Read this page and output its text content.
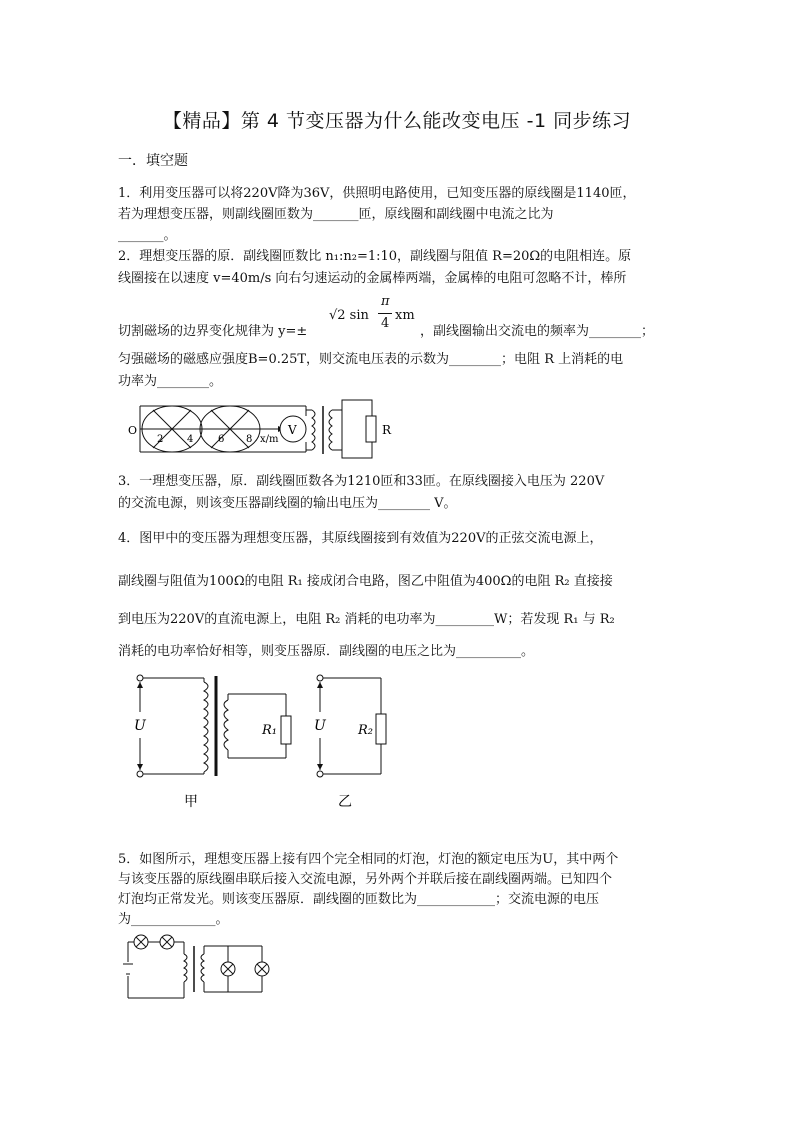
【精品】第 4 节变压器为什么能改变电压 -1 同步练习
一．填空题
1．利用变压器可以将220V降为36V，供照明电路使用，已知变压器的原线圈是1140匝，
若为理想变压器，则副线圈匝数为_______匝，原线圈和副线圈中电流之比为
_______。
2．理想变压器的原．副线圈匝数比 n₁:n₂=1:10，副线圈与阻值 R=20Ω的电阻相连。原
线圈接在以速度 v=40m/s 向右匀速运动的金属棒两端，金属棒的电阻可忽略不计，棒所
切割磁场的边界变化规律为 y=±
√2 sin
π
4
xm
，副线圈输出交流电的频率为________；
匀强磁场的磁感应强度B=0.25T，则交流电压表的示数为________；电阻 R 上消耗的电
功率为________。
O
2 4 6 8 x/m
V	R
3．一理想变压器，原．副线圈匝数各为1210匝和33匝。在原线圈接入电压为 220V
的交流电源，则该变压器副线圈的输出电压为________ V。
4．图甲中的变压器为理想变压器，其原线圈接到有效值为220V的正弦交流电源上，
副线圈与阻值为100Ω的电阻 R₁ 接成闭合电路，图乙中阻值为400Ω的电阻 R₂ 直接接
到电压为220V的直流电源上，电阻 R₂ 消耗的电功率为_________W；若发现 R₁ 与 R₂
消耗的电功率恰好相等，则变压器原．副线圈的电压之比为__________。
U	R₁
甲
U R₂
乙
5．如图所示，理想变压器上接有四个完全相同的灯泡，灯泡的额定电压为U，其中两个
与该变压器的原线圈串联后接入交流电源，另外两个并联后接在副线圈两端。已知四个
灯泡均正常发光。则该变压器原．副线圈的匝数比为____________；交流电源的电压
为_____________。
